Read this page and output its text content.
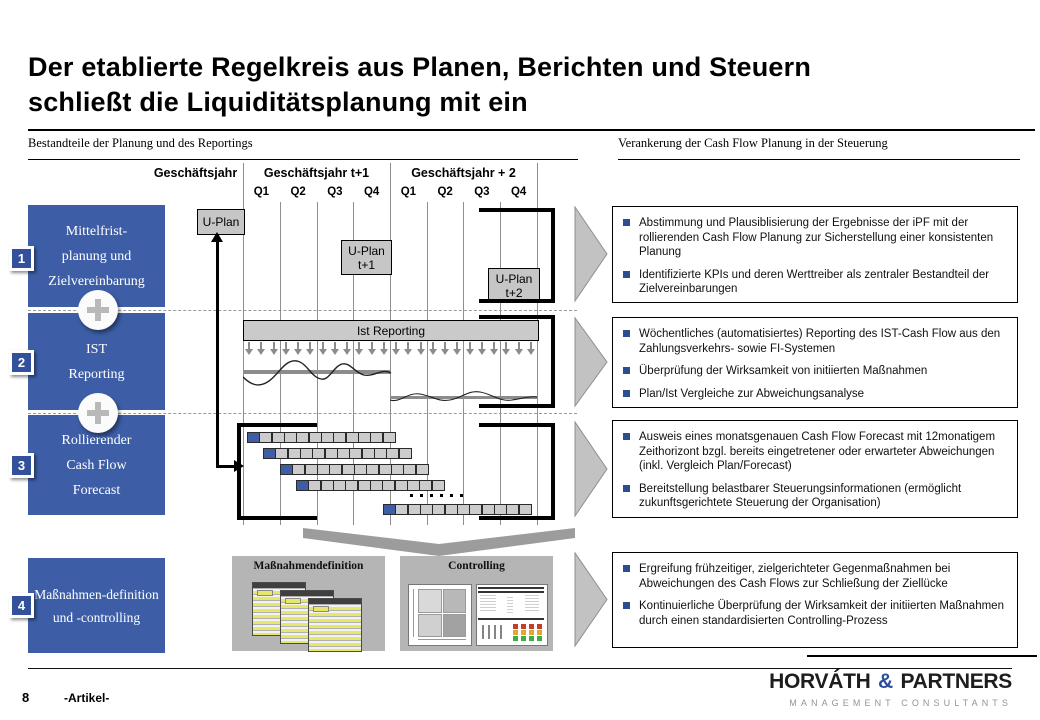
Der etablierte Regelkreis aus Planen, Berichten und Steuern
schließt die Liquiditätsplanung mit ein
Bestandteile der Planung und des Reportings	Verankerung der Cash Flow Planung in der Steuerung
Mittelfrist-
planung und
Zielvereinbarung
IST
Reporting
Rollierender
Cash Flow
Forecast
Maßnahmen-definition
und -controlling
1
2
3
4
Geschäftsjahr	Geschäftsjahr t+1	Geschäftsjahr + 2
Q1	Q2	Q3	Q4	Q1	Q2	Q3	Q4
U-Plan
U-Plan
t+1
U-Plan
t+2
Ist Reporting
Maßnahmendefinition	Controlling
Abstimmung und Plausiblisierung der Ergebnisse der iPF mit der rollierenden Cash Flow Planung zur Sicherstellung einer konsistenten Planung
Identifizierte KPIs und deren Werttreiber als zentraler Bestandteil der Zielvereinbarungen
Wöchentliches (automatisiertes) Reporting des IST-Cash Flow aus den Zahlungsverkehrs- sowie FI-Systemen
Überprüfung der Wirksamkeit von initiierten Maßnahmen
Plan/Ist Vergleiche zur Abweichungsanalyse
Ausweis eines monatsgenauen Cash Flow Forecast mit 12monatigem Zeithorizont bzgl. bereits eingetretener oder erwarteter Abweichungen (inkl. Vergleich Plan/Forecast)
Bereitstellung belastbarer Steuerungsinformationen (ermöglicht zukunftsgerichtete Steuerung der Organisation)
Ergreifung frühzeitiger, zielgerichteter Gegenmaßnahmen bei Abweichungen des Cash Flows zur Schließung der Ziellücke
Kontinuierliche Überprüfung der Wirksamkeit der initiierten Maßnahmen durch einen standardisierten Controlling-Prozess
8	-Artikel-
HORVÁTH & PARTNERS
MANAGEMENT CONSULTANTS
